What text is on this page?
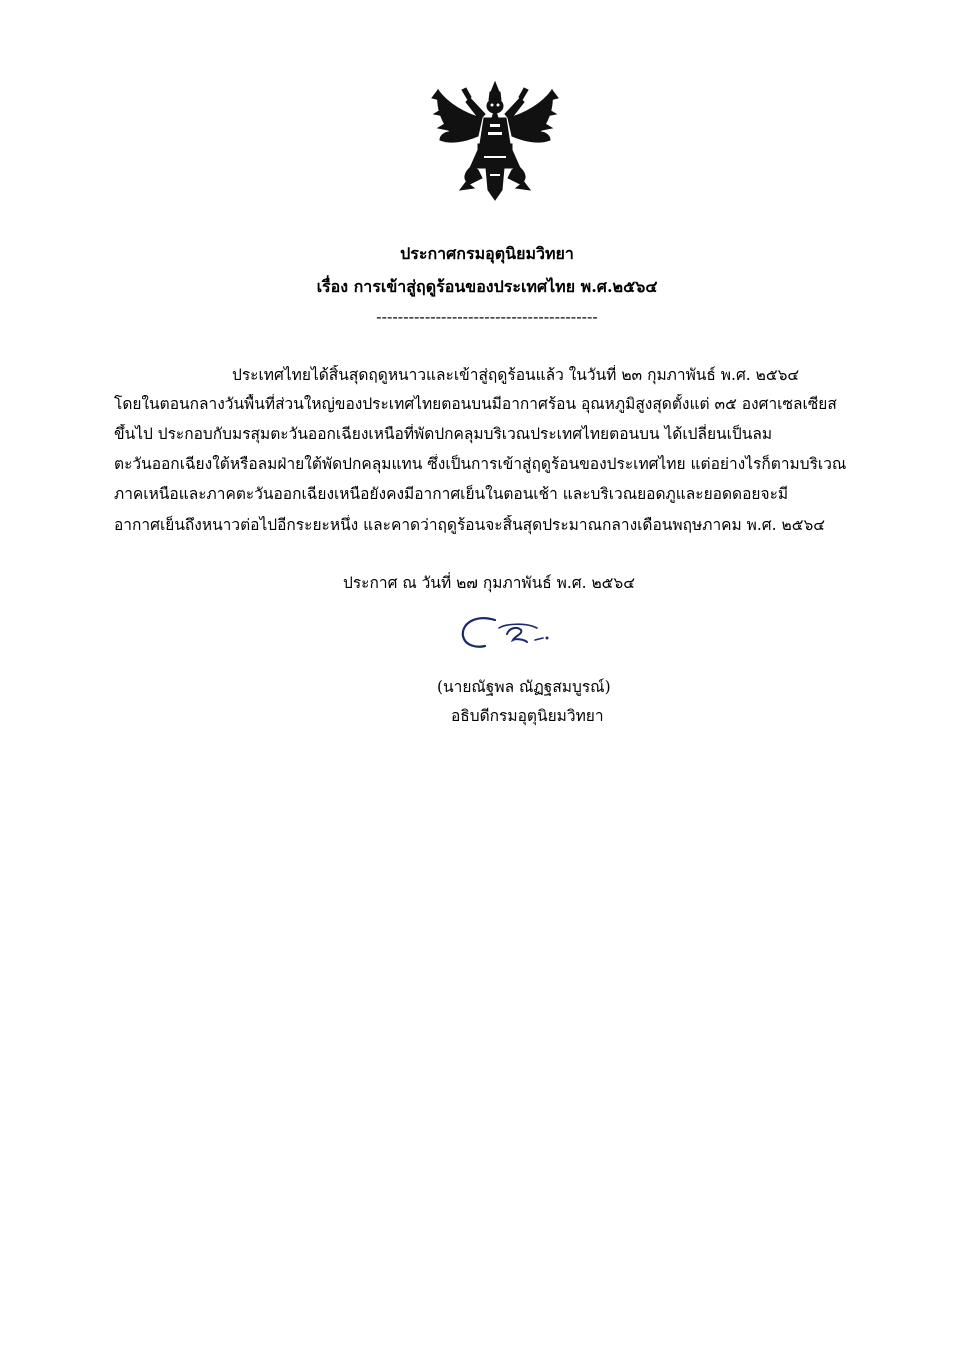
ประกาศกรมอุตุนิยมวิทยา
เรื่อง การเข้าสู่ฤดูร้อนของประเทศไทย พ.ศ.๒๕๖๔
-----------------------------------------
ประเทศไทยได้สิ้นสุดฤดูหนาวและเข้าสู่ฤดูร้อนแล้ว ในวันที่ ๒๓ กุมภาพันธ์ พ.ศ. ๒๕๖๔
โดยในตอนกลางวันพื้นที่ส่วนใหญ่ของประเทศไทยตอนบนมีอากาศร้อน อุณหภูมิสูงสุดตั้งแต่ ๓๕ องศาเซลเซียส
ขึ้นไป ประกอบกับมรสุมตะวันออกเฉียงเหนือที่พัดปกคลุมบริเวณประเทศไทยตอนบน ได้เปลี่ยนเป็นลม
ตะวันออกเฉียงใต้หรือลมฝ่ายใต้พัดปกคลุมแทน ซึ่งเป็นการเข้าสู่ฤดูร้อนของประเทศไทย แต่อย่างไรก็ตามบริเวณ
ภาคเหนือและภาคตะวันออกเฉียงเหนือยังคงมีอากาศเย็นในตอนเช้า และบริเวณยอดภูและยอดดอยจะมี
อากาศเย็นถึงหนาวต่อไปอีกระยะหนึ่ง และคาดว่าฤดูร้อนจะสิ้นสุดประมาณกลางเดือนพฤษภาคม พ.ศ. ๒๕๖๔
ประกาศ ณ วันที่ ๒๗ กุมภาพันธ์ พ.ศ. ๒๕๖๔
(นายณัฐพล ณัฏฐสมบูรณ์)
อธิบดีกรมอุตุนิยมวิทยา
